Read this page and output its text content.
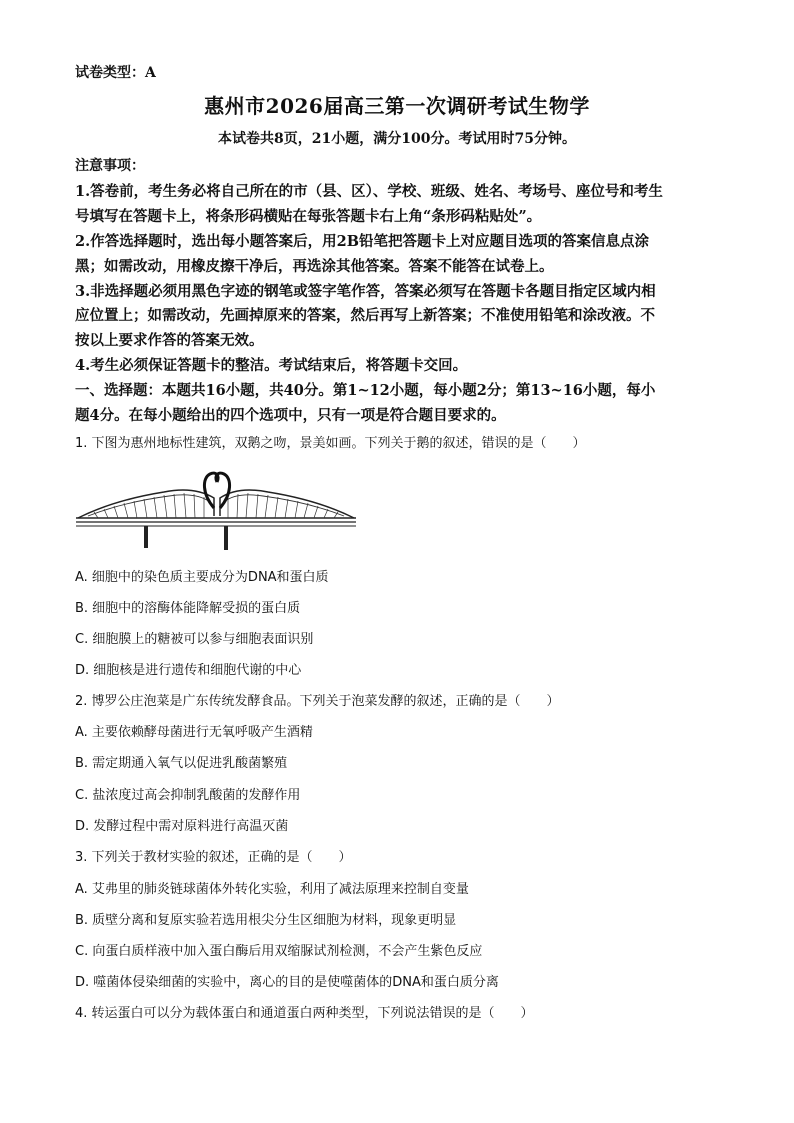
试卷类型：A
惠州市2026届高三第一次调研考试生物学
本试卷共8页，21小题，满分100分。考试用时75分钟。
注意事项：
1.答卷前，考生务必将自己所在的市（县、区）、学校、班级、姓名、考场号、座位号和考生
号填写在答题卡上，将条形码横贴在每张答题卡右上角“条形码粘贴处”。
2.作答选择题时，选出每小题答案后，用2B铅笔把答题卡上对应题目选项的答案信息点涂
黑；如需改动，用橡皮擦干净后，再选涂其他答案。答案不能答在试卷上。
3.非选择题必须用黑色字迹的钢笔或签字笔作答，答案必须写在答题卡各题目指定区域内相
应位置上；如需改动，先画掉原来的答案，然后再写上新答案；不准使用铅笔和涂改液。不
按以上要求作答的答案无效。
4.考生必须保证答题卡的整洁。考试结束后，将答题卡交回。
一、选择题：本题共16小题，共40分。第1~12小题，每小题2分；第13~16小题，每小
题4分。在每小题给出的四个选项中，只有一项是符合题目要求的。
1. 下图为惠州地标性建筑，双鹅之吻，景美如画。下列关于鹅的叙述，错误的是（　　）
A. 细胞中的染色质主要成分为DNA和蛋白质
B. 细胞中的溶酶体能降解受损的蛋白质
C. 细胞膜上的糖被可以参与细胞表面识别
D. 细胞核是进行遗传和细胞代谢的中心
2. 博罗公庄泡菜是广东传统发酵食品。下列关于泡菜发酵的叙述，正确的是（　　）
A. 主要依赖酵母菌进行无氧呼吸产生酒精
B. 需定期通入氧气以促进乳酸菌繁殖
C. 盐浓度过高会抑制乳酸菌的发酵作用
D. 发酵过程中需对原料进行高温灭菌
3. 下列关于教材实验的叙述，正确的是（　　）
A. 艾弗里的肺炎链球菌体外转化实验，利用了减法原理来控制自变量
B. 质壁分离和复原实验若选用根尖分生区细胞为材料，现象更明显
C. 向蛋白质样液中加入蛋白酶后用双缩脲试剂检测，不会产生紫色反应
D. 噬菌体侵染细菌的实验中，离心的目的是使噬菌体的DNA和蛋白质分离
4. 转运蛋白可以分为载体蛋白和通道蛋白两种类型，下列说法错误的是（　　）
